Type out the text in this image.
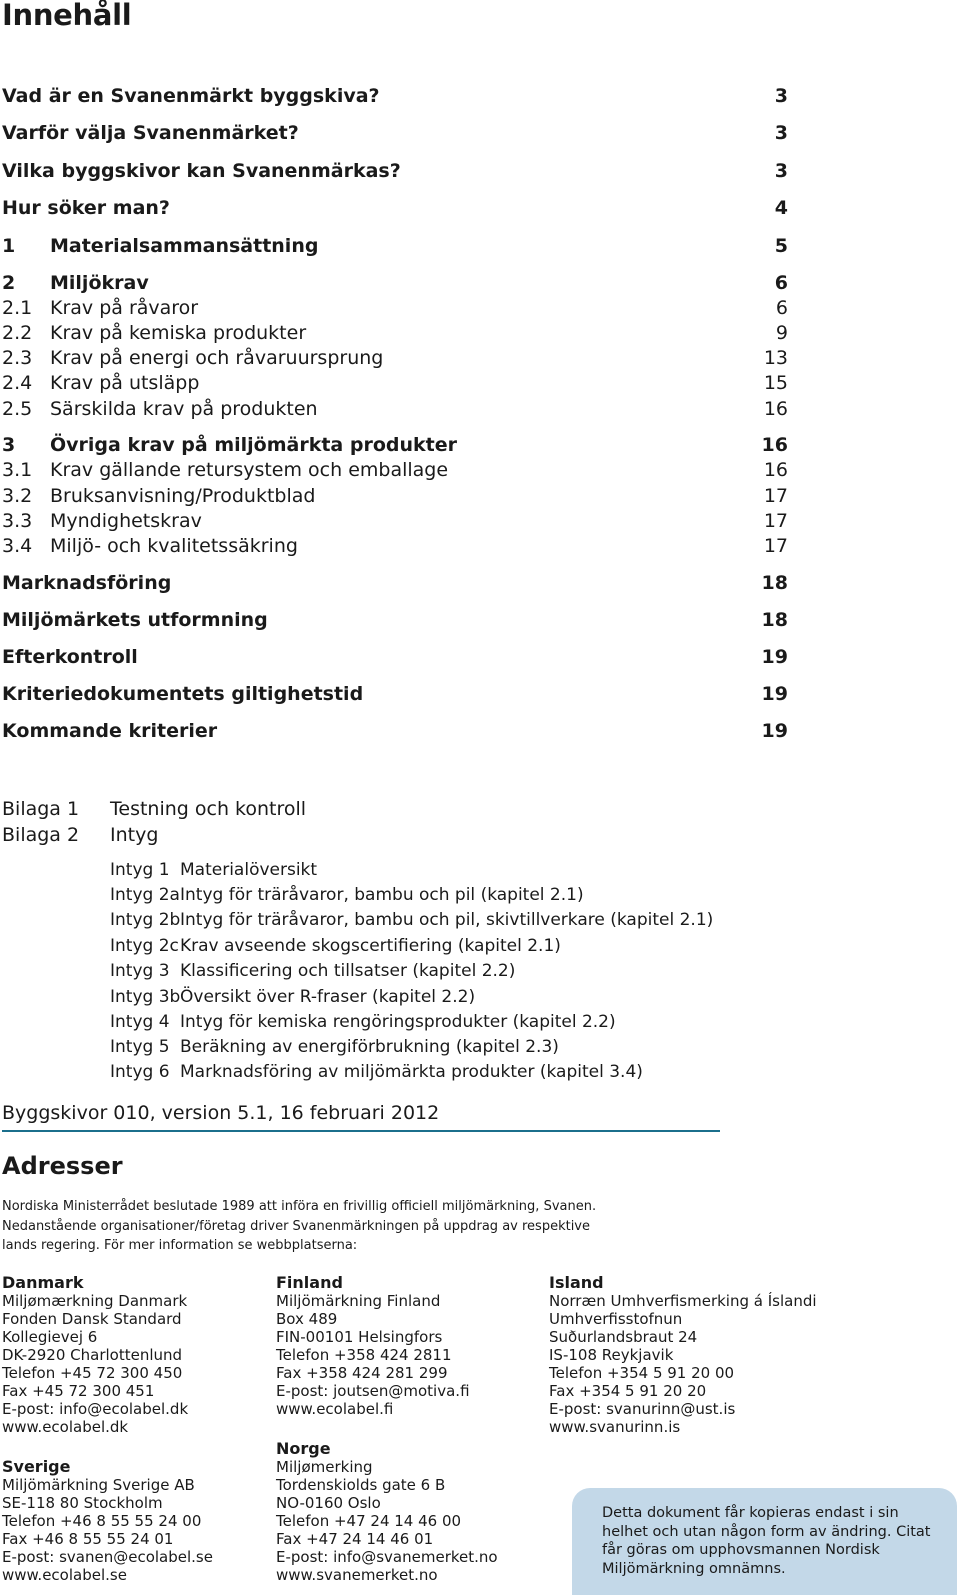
Innehåll
Vad är en Svanenmärkt byggskiva?	3
Varför välja Svanenmärket?	3
Vilka byggskivor kan Svanenmärkas?	3
Hur söker man?	4
1 Materialsammansättning	5
2 Miljökrav	6
2.1 Krav på råvaror	6
2.2 Krav på kemiska produkter	9
2.3 Krav på energi och råvaruursprung	13
2.4 Krav på utsläpp	15
2.5 Särskilda krav på produkten	16
3 Övriga krav på miljömärkta produkter	16
3.1 Krav gällande retursystem och emballage	16
3.2 Bruksanvisning/Produktblad	17
3.3 Myndighetskrav	17
3.4 Miljö- och kvalitetssäkring	17
Marknadsföring	18
Miljömärkets utformning	18
Efterkontroll	19
Kriteriedokumentets giltighetstid	19
Kommande kriterier	19
Bilaga 1 Testning och kontroll
Bilaga 2 Intyg
Intyg 1 Materialöversikt
Intyg 2a Intyg för träråvaror, bambu och pil (kapitel 2.1)
Intyg 2b Intyg för träråvaror, bambu och pil, skivtillverkare (kapitel 2.1)
Intyg 2c Krav avseende skogscertifiering (kapitel 2.1)
Intyg 3 Klassificering och tillsatser (kapitel 2.2)
Intyg 3b Översikt över R-fraser (kapitel 2.2)
Intyg 4 Intyg för kemiska rengöringsprodukter (kapitel 2.2)
Intyg 5 Beräkning av energiförbrukning (kapitel 2.3)
Intyg 6 Marknadsföring av miljömärkta produkter (kapitel 3.4)
Byggskivor 010, version 5.1, 16 februari 2012
Adresser

Nordiska Ministerrådet beslutade 1989 att införa en frivillig officiell miljömärkning, Svanen. Nedanstående organisationer/företag driver Svanenmärkningen på uppdrag av respektive lands regering. För mer information se webbplatserna:

Danmark
Miljømærkning Danmark
Fonden Dansk Standard
Kollegievej 6
DK-2920 Charlottenlund
Telefon +45 72 300 450
Fax +45 72 300 451
E-post: info@ecolabel.dk
www.ecolabel.dk
Finland
Miljömärkning Finland
Box 489
FIN-00101 Helsingfors
Telefon +358 424 2811
Fax +358 424 281 299
E-post: joutsen@motiva.fi
www.ecolabel.fi
Island
Norræn Umhverfismerking á Íslandi
Umhverfisstofnun
Suðurlandsbraut 24
IS-108 Reykjavik
Telefon +354 5 91 20 00
Fax +354 5 91 20 20
E-post: svanurinn@ust.is
www.svanurinn.is
Sverige
Miljömärkning Sverige AB
SE-118 80 Stockholm
Telefon +46 8 55 55 24 00
Fax +46 8 55 55 24 01
E-post: svanen@ecolabel.se
www.ecolabel.se
Norge
Miljømerking
Tordenskiolds gate 6 B
NO-0160 Oslo
Telefon +47 24 14 46 00
Fax +47 24 14 46 01
E-post: info@svanemerket.no
www.svanemerket.no
Detta dokument får kopieras endast i sin helhet och utan någon form av ändring. Citat får göras om upphovsmannen Nordisk Miljömärkning omnämns.
